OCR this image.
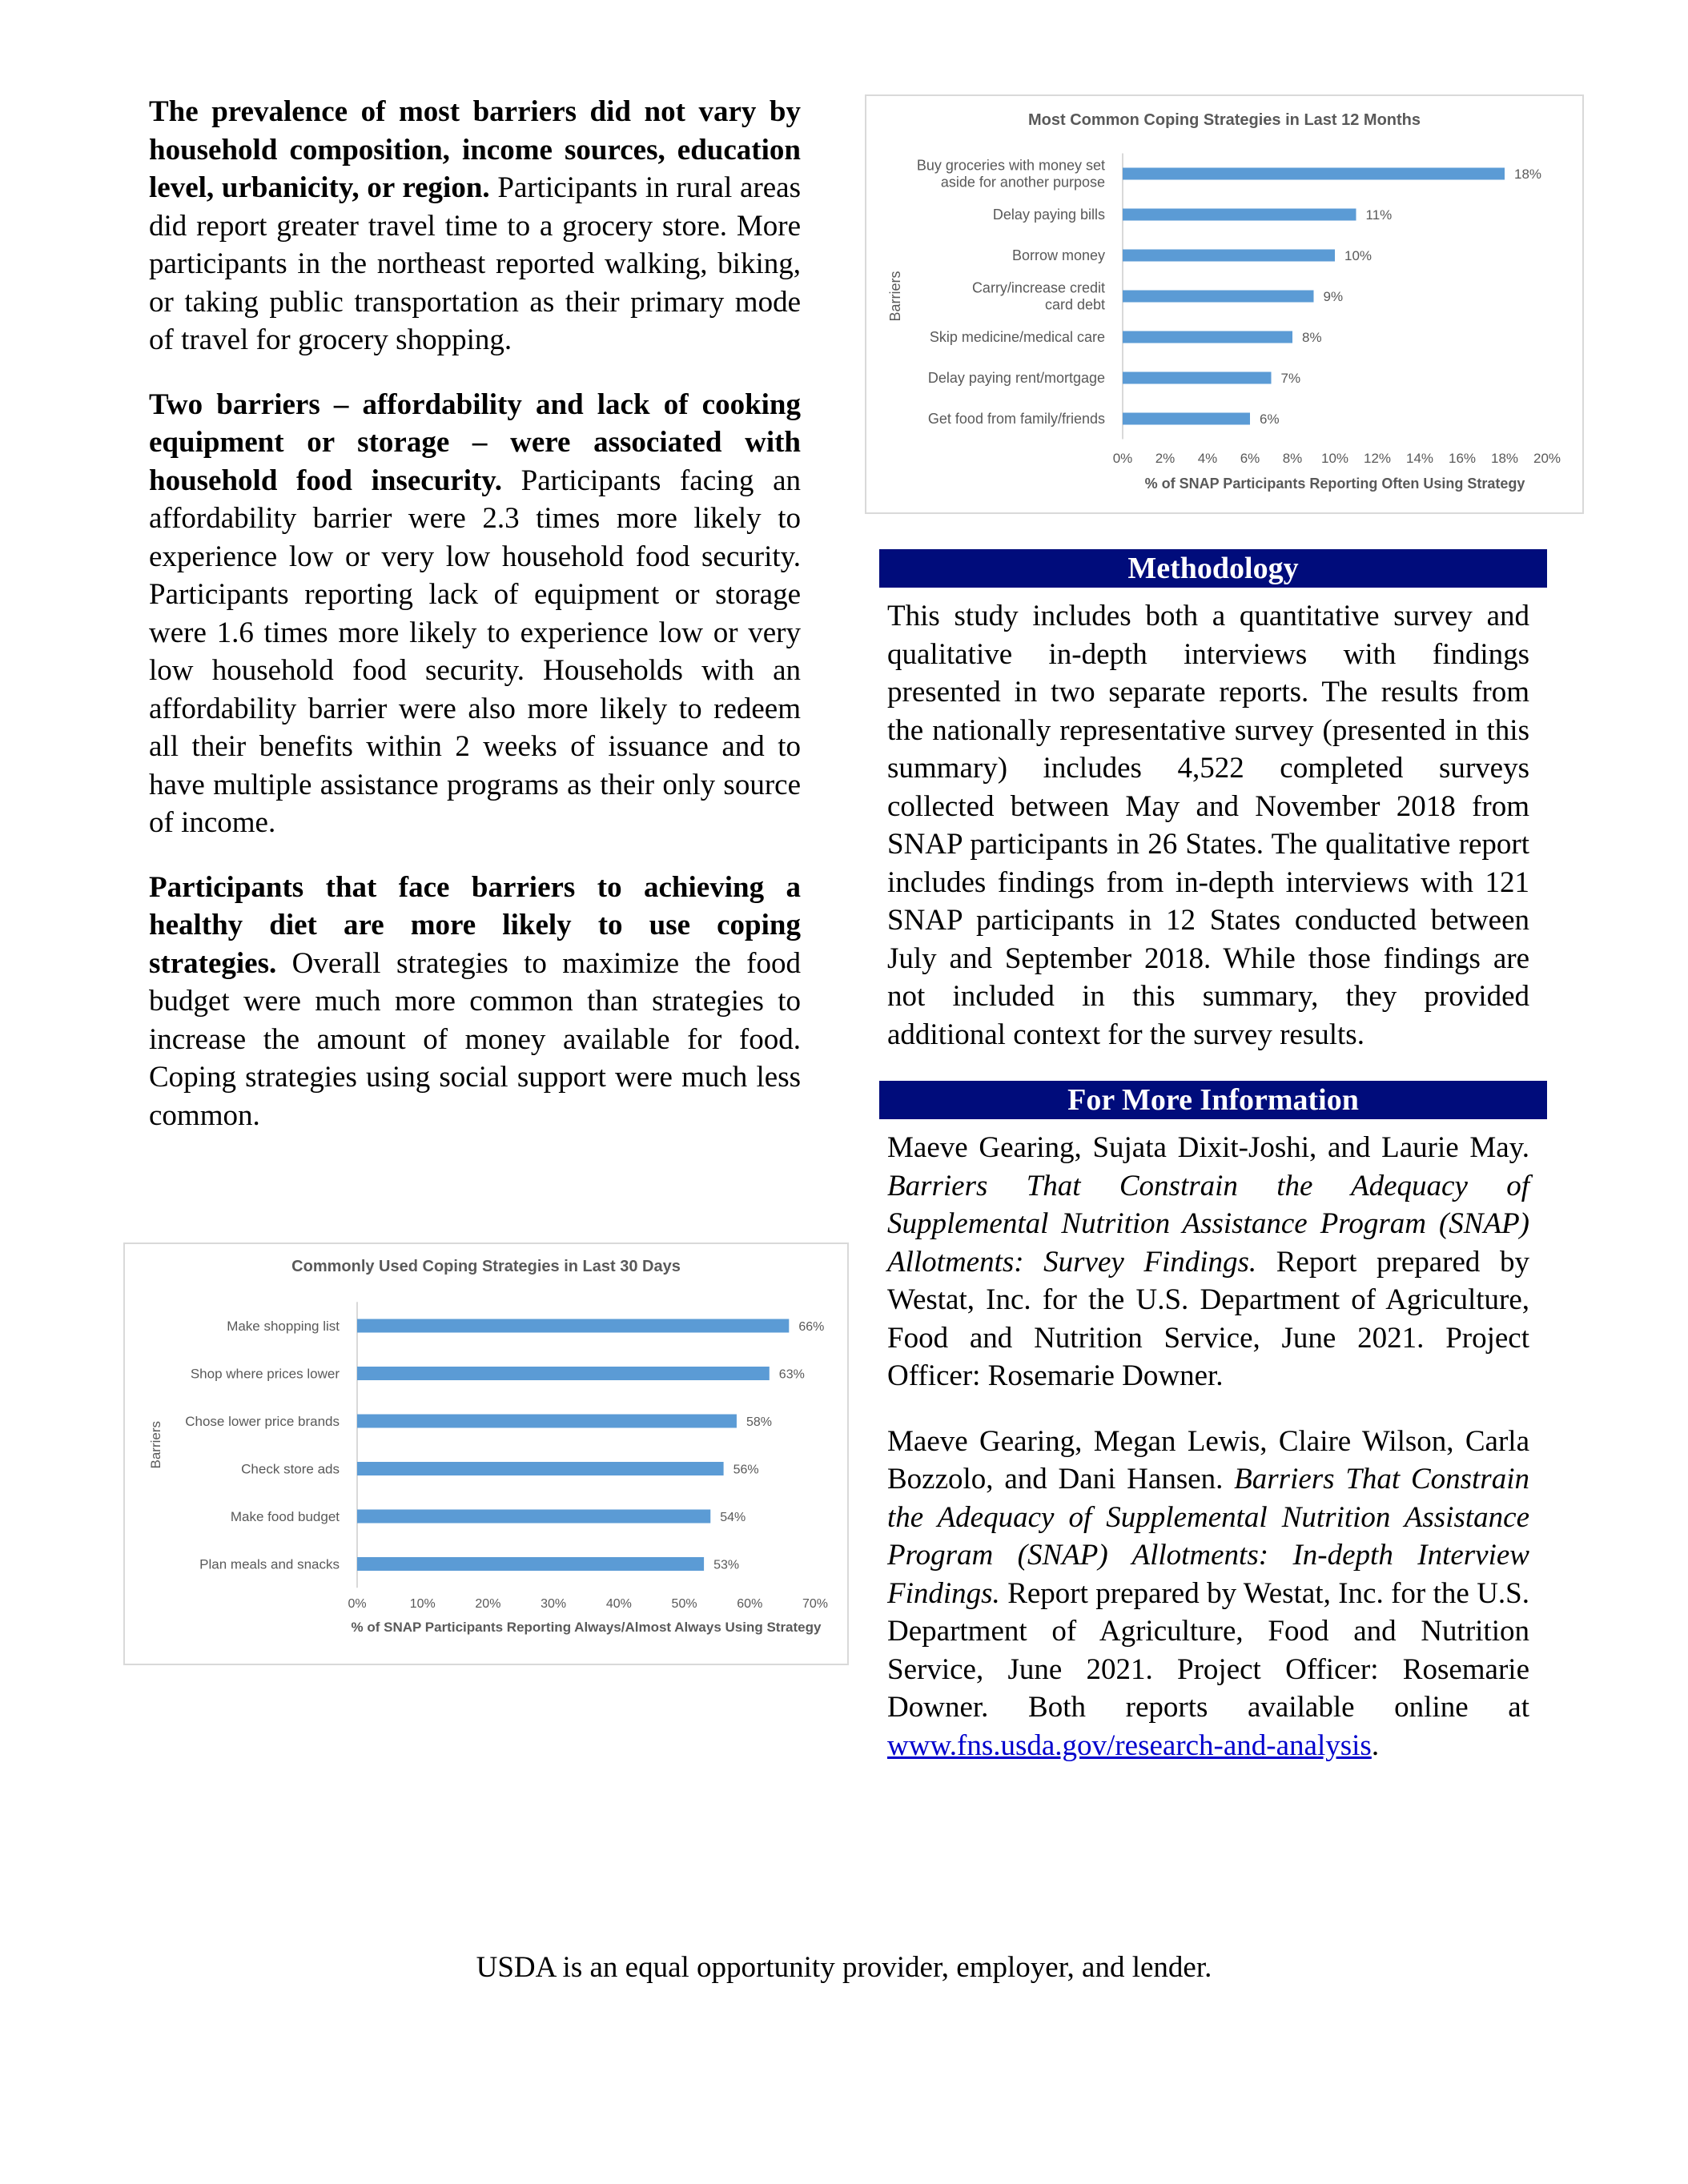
The prevalence of most barriers did not vary by household composition, income sources, education level, urbanicity, or region. Participants in rural areas did report greater travel time to a grocery store. More participants in the northeast reported walking, biking, or taking public transportation as their primary mode of travel for grocery shopping.

Two barriers – affordability and lack of cooking equipment or storage – were associated with household food insecurity. Participants facing an affordability barrier were 2.3 times more likely to experience low or very low household food security. Participants reporting lack of equipment or storage were 1.6 times more likely to experience low or very low household food security. Households with an affordability barrier were also more likely to redeem all their benefits within 2 weeks of issuance and to have multiple assistance programs as their only source of income.

Participants that face barriers to achieving a healthy diet are more likely to use coping strategies. Overall strategies to maximize the food budget were much more common than strategies to increase the amount of money available for food. Coping strategies using social support were much less common.

Most Common Coping Strategies in Last 12 Months
18%
Buy groceries with money set
aside for another purpose
11%
Delay paying bills
10%
Borrow money
9%
Carry/increase credit
card debt
8%
Skip medicine/medical care
7%
Delay paying rent/mortgage
6%
Get food from family/friends
0% 2% 4% 6% 8% 10% 12% 14% 16% 18% 20%
% of SNAP Participants Reporting Often Using Strategy
Barriers
Commonly Used Coping Strategies in Last 30 Days
66%
Make shopping list
63%
Shop where prices lower
58%
Chose lower price brands
56%
Check store ads
54%
Make food budget
53%
Plan meals and snacks
0%	10%	20%	30%	40%	50%	60%	70%
% of SNAP Participants Reporting Always/Almost Always Using Strategy
Barriers
Methodology

This study includes both a quantitative survey and qualitative in-depth interviews with findings presented in two separate reports. The results from the nationally representative survey (presented in this summary) includes 4,522 completed surveys collected between May and November 2018 from SNAP participants in 26 States. The qualitative report includes findings from in-depth interviews with 121 SNAP participants in 12 States conducted between July and September 2018. While those findings are not included in this summary, they provided additional context for the survey results.

For More Information

Maeve Gearing, Sujata Dixit-Joshi, and Laurie May. Barriers That Constrain the Adequacy of Supplemental Nutrition Assistance Program (SNAP) Allotments: Survey Findings. Report prepared by Westat, Inc. for the U.S. Department of Agriculture, Food and Nutrition Service, June 2021. Project Officer: Rosemarie Downer.

Maeve Gearing, Megan Lewis, Claire Wilson, Carla Bozzolo, and Dani Hansen. Barriers That Constrain the Adequacy of Supplemental Nutrition Assistance Program (SNAP) Allotments: In-depth Interview Findings. Report prepared by Westat, Inc. for the U.S. Department of Agriculture, Food and Nutrition Service, June 2021. Project Officer: Rosemarie Downer. Both reports available online at www.fns.usda.gov/research-and-analysis.

USDA is an equal opportunity provider, employer, and lender.
